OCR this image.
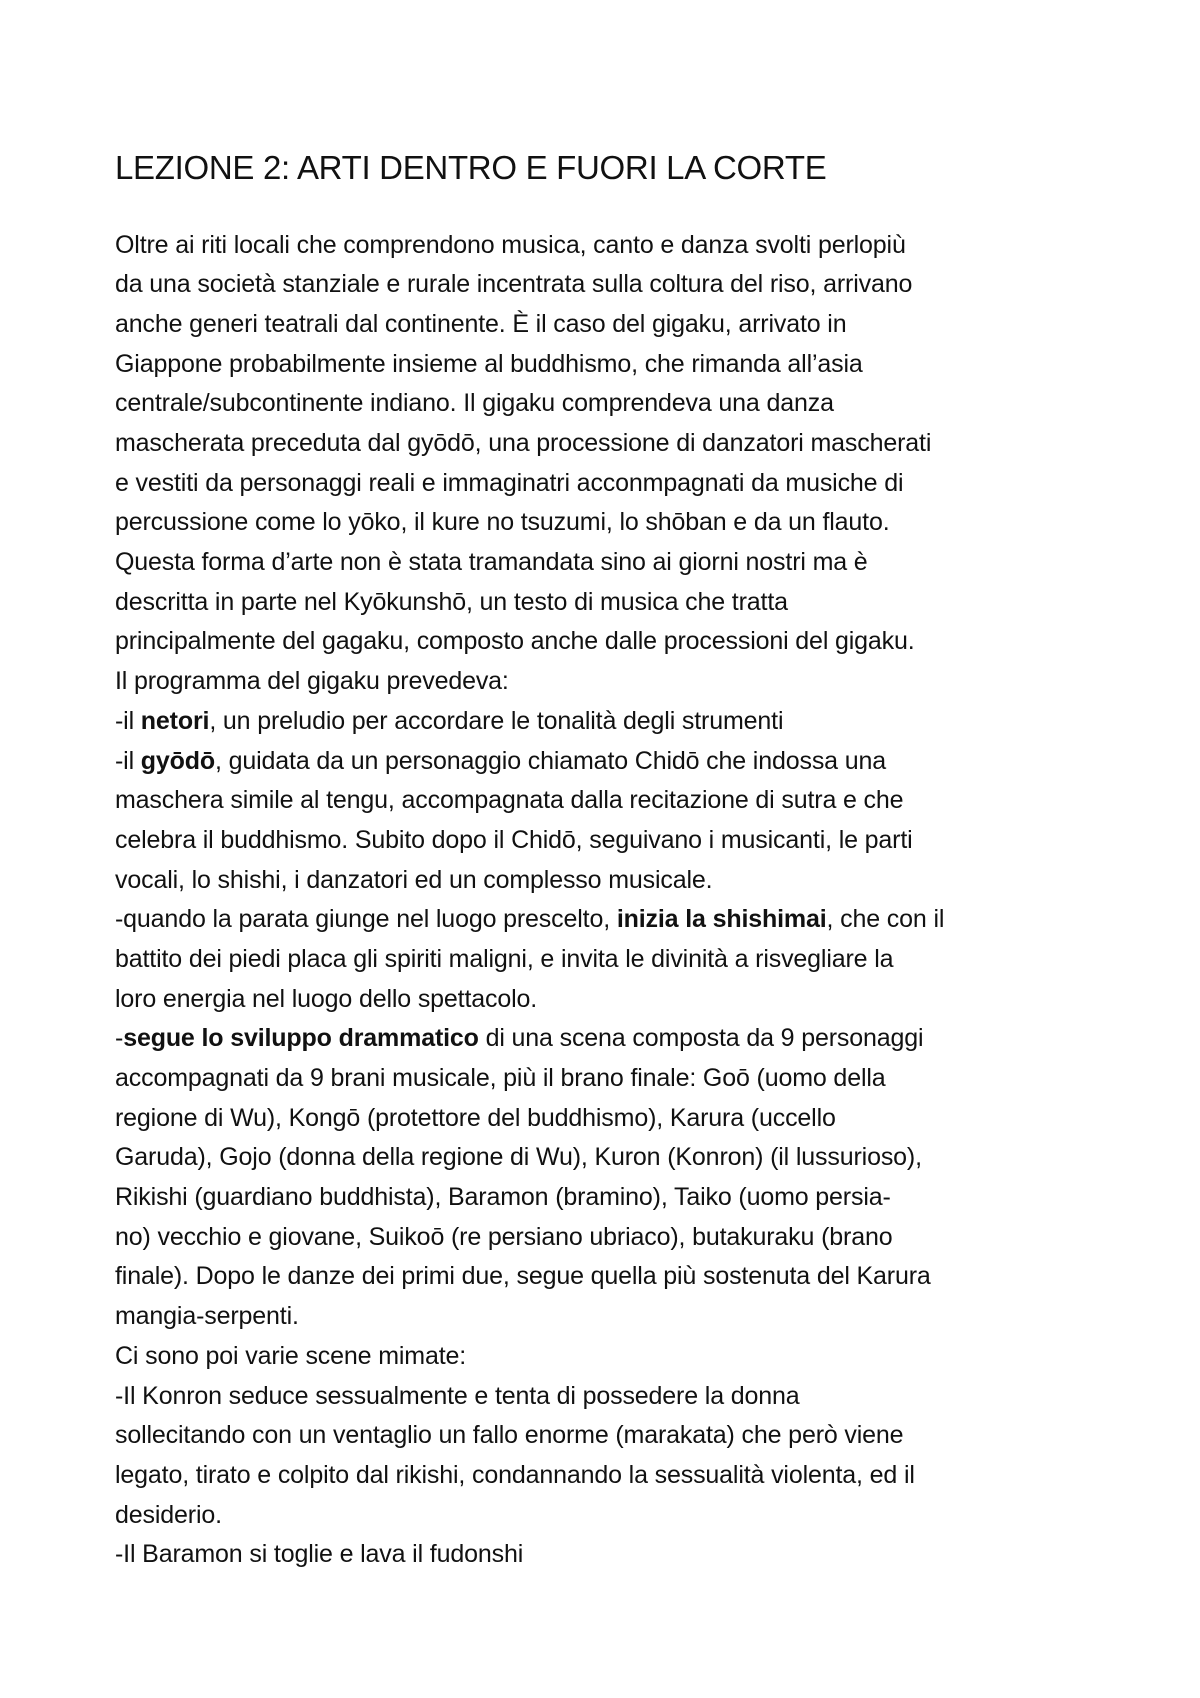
LEZIONE 2: ARTI DENTRO E FUORI LA CORTE
Oltre ai riti locali che comprendono musica, canto e danza svolti perlopiù
da una società stanziale e rurale incentrata sulla coltura del riso, arrivano
anche generi teatrali dal continente. È il caso del gigaku, arrivato in
Giappone probabilmente insieme al buddhismo, che rimanda all’asia
centrale/subcontinente indiano. Il gigaku comprendeva una danza
mascherata preceduta dal gyōdō, una processione di danzatori mascherati
e vestiti da personaggi reali e immaginatri acconmpagnati da musiche di
percussione come lo yōko, il kure no tsuzumi, lo shōban e da un flauto.
Questa forma d’arte non è stata tramandata sino ai giorni nostri ma è
descritta in parte nel Kyōkunshō, un testo di musica che tratta
principalmente del gagaku, composto anche dalle processioni del gigaku.
Il programma del gigaku prevedeva:
-il netori, un preludio per accordare le tonalità degli strumenti
-il gyōdō, guidata da un personaggio chiamato Chidō che indossa una
maschera simile al tengu, accompagnata dalla recitazione di sutra e che
celebra il buddhismo. Subito dopo il Chidō, seguivano i musicanti, le parti
vocali, lo shishi, i danzatori ed un complesso musicale.
-quando la parata giunge nel luogo prescelto, inizia la shishimai, che con il
battito dei piedi placa gli spiriti maligni, e invita le divinità a risvegliare la
loro energia nel luogo dello spettacolo.
-segue lo sviluppo drammatico di una scena composta da 9 personaggi
accompagnati da 9 brani musicale, più il brano finale: Goō (uomo della
regione di Wu), Kongō (protettore del buddhismo), Karura (uccello
Garuda), Gojo (donna della regione di Wu), Kuron (Konron) (il lussurioso),
Rikishi (guardiano buddhista), Baramon (bramino), Taiko (uomo persia-
no) vecchio e giovane, Suikoō (re persiano ubriaco), butakuraku (brano
finale). Dopo le danze dei primi due, segue quella più sostenuta del Karura
mangia-serpenti.
Ci sono poi varie scene mimate:
-Il Konron seduce sessualmente e tenta di possedere la donna
sollecitando con un ventaglio un fallo enorme (marakata) che però viene
legato, tirato e colpito dal rikishi, condannando la sessualità violenta, ed il
desiderio.
-Il Baramon si toglie e lava il fudonshi
